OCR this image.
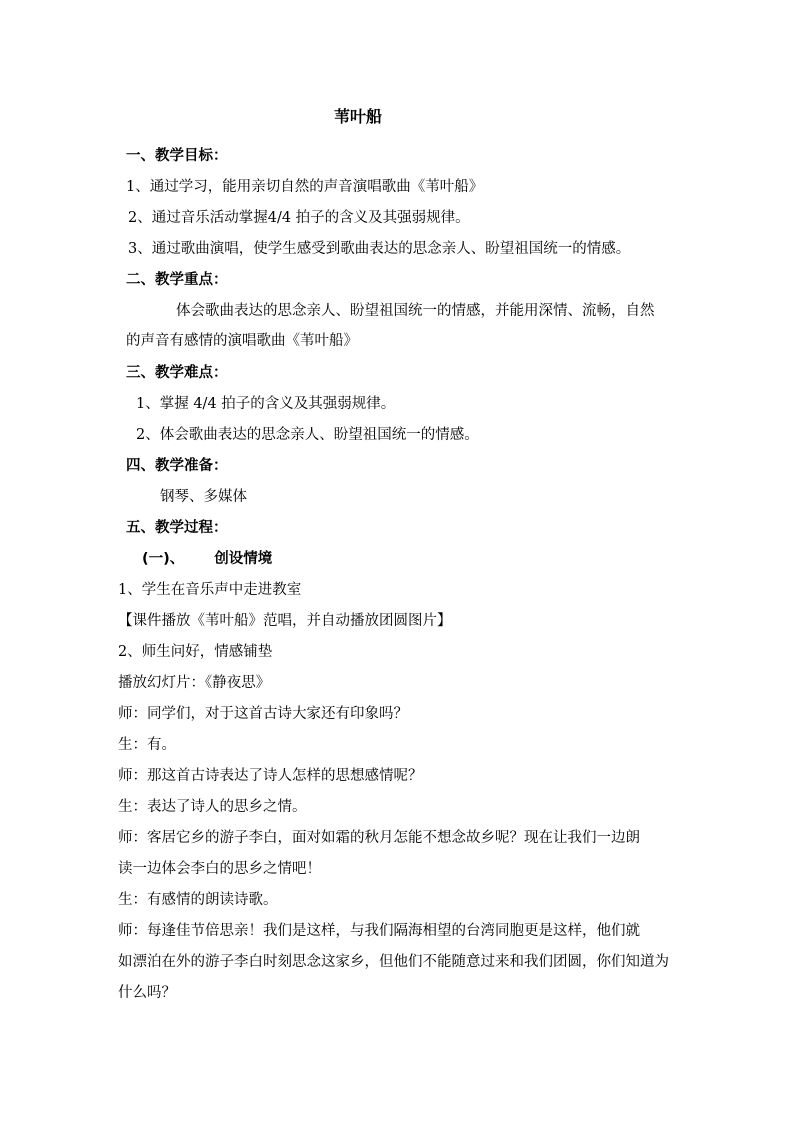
苇叶船
一、教学目标：
1、通过学习，能用亲切自然的声音演唱歌曲《苇叶船》
2、通过音乐活动掌握4/4 拍子的含义及其强弱规律。
3、通过歌曲演唱，使学生感受到歌曲表达的思念亲人、盼望祖国统一的情感。
二、教学重点：
体会歌曲表达的思念亲人、盼望祖国统一的情感，并能用深情、流畅，自然
的声音有感情的演唱歌曲《苇叶船》
三、教学难点：
1、掌握 4/4 拍子的含义及其强弱规律。
2、体会歌曲表达的思念亲人、盼望祖国统一的情感。
四、教学准备：
钢琴、多媒体
五、教学过程：
(一)、 创设情境
1、学生在音乐声中走进教室
【课件播放《苇叶船》范唱，并自动播放团圆图片】
2、师生问好，情感铺垫
播放幻灯片：《静夜思》
师：同学们，对于这首古诗大家还有印象吗？
生：有。
师：那这首古诗表达了诗人怎样的思想感情呢？
生：表达了诗人的思乡之情。
师：客居它乡的游子李白，面对如霜的秋月怎能不想念故乡呢？现在让我们一边朗
读一边体会李白的思乡之情吧！
生：有感情的朗读诗歌。
师：每逢佳节倍思亲！我们是这样，与我们隔海相望的台湾同胞更是这样，他们就
如漂泊在外的游子李白时刻思念这家乡，但他们不能随意过来和我们团圆，你们知道为
什么吗？
